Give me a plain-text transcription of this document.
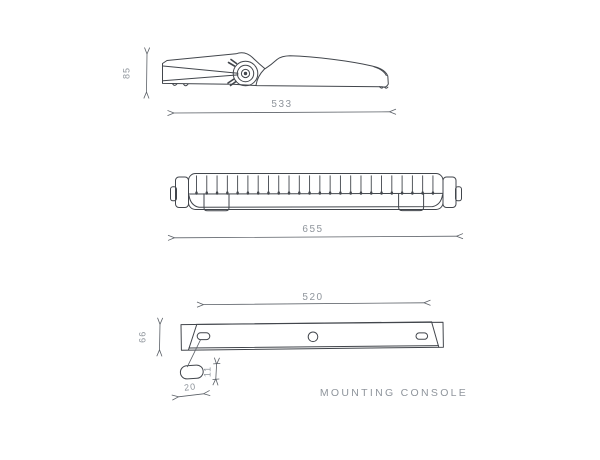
85
533
655
520
66
20
11
MOUNTING CONSOLE
